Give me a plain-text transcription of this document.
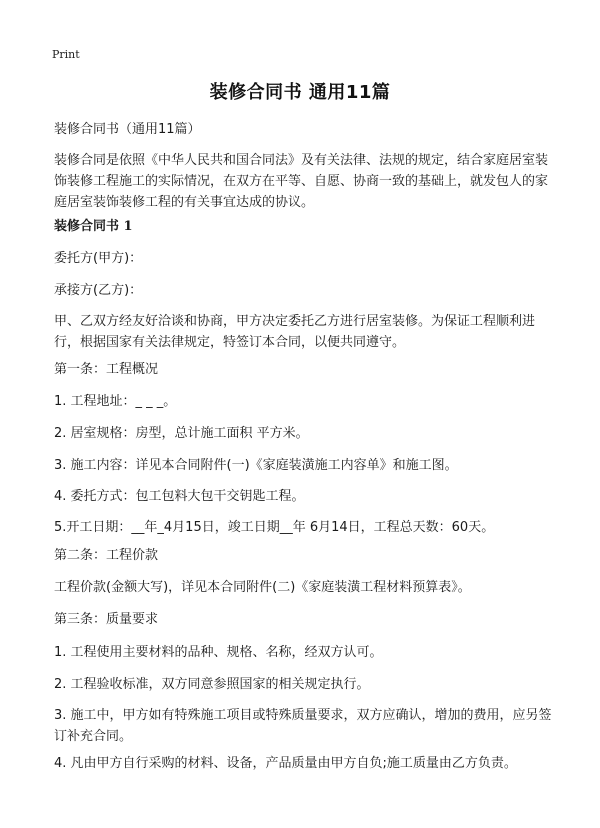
Print
装修合同书 通用11篇
装修合同书（通用11篇）
装修合同是依照《中华人民共和国合同法》及有关法律、法规的规定，结合家庭居室装饰装修工程施工的实际情况，在双方在平等、自愿、协商一致的基础上，就发包人的家庭居室装饰装修工程的有关事宜达成的协议。
装修合同书 1
委托方(甲方)：
承接方(乙方)：
甲、乙双方经友好洽谈和协商，甲方决定委托乙方进行居室装修。为保证工程顺利进行，根据国家有关法律规定，特签订本合同，以便共同遵守。
第一条：工程概况
1. 工程地址：_ _ _。
2. 居室规格：房型，总计施工面积 平方米。
3. 施工内容：详见本合同附件(一)《家庭装潢施工内容单》和施工图。
4. 委托方式：包工包料大包干交钥匙工程。
5.开工日期：__年_4月15日，竣工日期__年 6月14日，工程总天数：60天。
第二条：工程价款
工程价款(金额大写)，详见本合同附件(二)《家庭装潢工程材料预算表》。
第三条：质量要求
1. 工程使用主要材料的品种、规格、名称，经双方认可。
2. 工程验收标准，双方同意参照国家的相关规定执行。
3. 施工中，甲方如有特殊施工项目或特殊质量要求，双方应确认，增加的费用，应另签订补充合同。
4. 凡由甲方自行采购的材料、设备，产品质量由甲方自负;施工质量由乙方负责。
